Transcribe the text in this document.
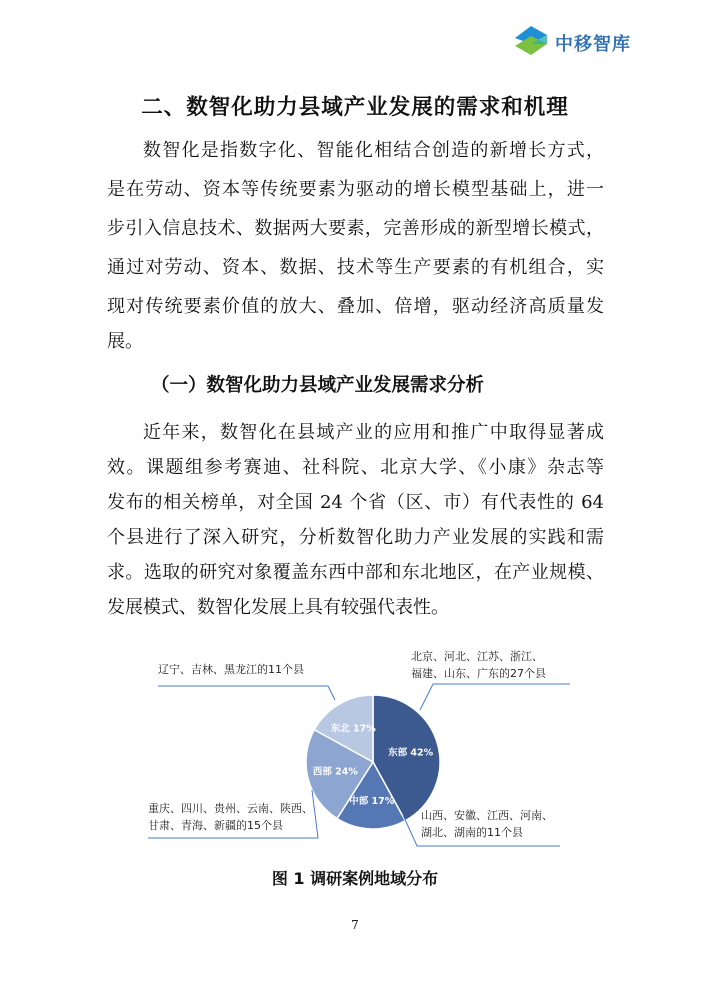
中移智库
二、数智化助力县域产业发展的需求和机理
数智化是指数字化、智能化相结合创造的新增长方式，
是在劳动、资本等传统要素为驱动的增长模型基础上，进一
步引入信息技术、数据两大要素，完善形成的新型增长模式，
通过对劳动、资本、数据、技术等生产要素的有机组合，实
现对传统要素价值的放大、叠加、倍增，驱动经济高质量发
展。
（一）数智化助力县域产业发展需求分析
近年来，数智化在县域产业的应用和推广中取得显著成
效。课题组参考赛迪、社科院、北京大学、《小康》杂志等
发布的相关榜单，对全国 24 个省（区、市）有代表性的 64
个县进行了深入研究，分析数智化助力产业发展的实践和需
求。选取的研究对象覆盖东西中部和东北地区，在产业规模、
发展模式、数智化发展上具有较强代表性。
东部 42%
中部 17%
西部 24%
东北 17%
北京、河北、江苏、浙江、
福建、山东、广东的27个县
山西、安徽、江西、河南、
湖北、湖南的11个县
重庆、四川、贵州、云南、陕西、
甘肃、青海、新疆的15个县
辽宁、吉林、黑龙江的11个县
图 1 调研案例地域分布
7
